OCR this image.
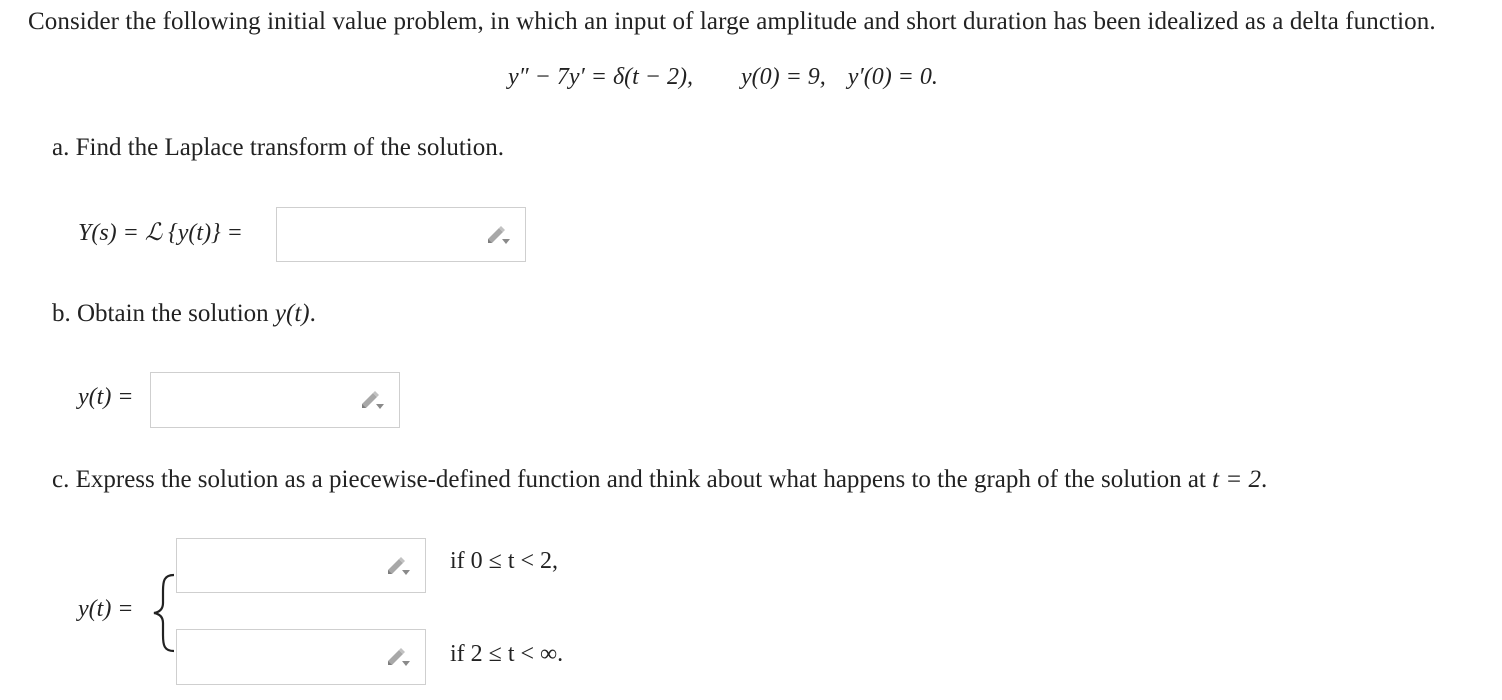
Consider the following initial value problem, in which an input of large amplitude and short duration has been idealized as a delta function.
y″ − 7y′ = δ(t − 2), y(0) = 9, y′(0) = 0.
a. Find the Laplace transform of the solution.
Y(s) = ℒ {y(t)} =
b. Obtain the solution y(t).
y(t) =
c. Express the solution as a piecewise-defined function and think about what happens to the graph of the solution at t = 2.
y(t) =
if 0 ≤ t < 2,
if 2 ≤ t < ∞.
